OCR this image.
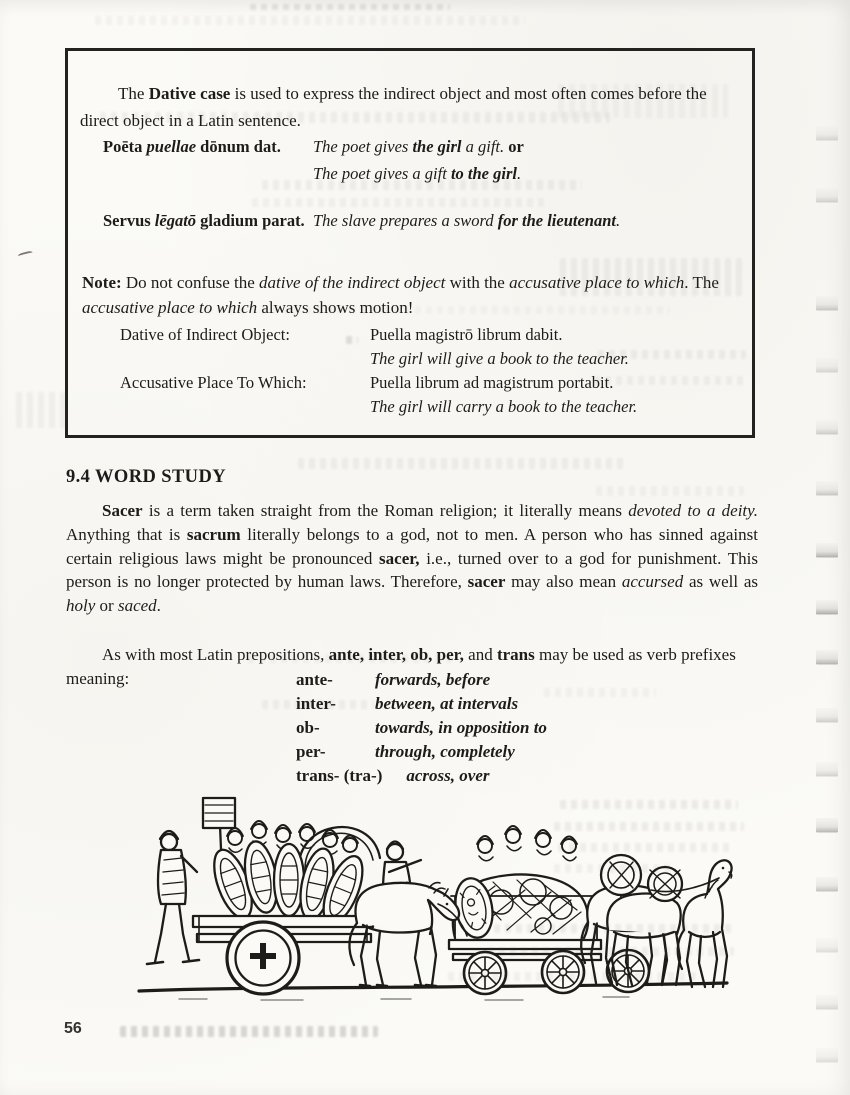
The Dative case is used to express the indirect object and most often comes before the direct object in a Latin sentence.

Poēta puellae dōnum dat.	The poet gives the girl a gift. or
The poet gives a gift to the girl.
Servus lēgatō gladium parat. The slave prepares a sword for the lieutenant.

Note: Do not confuse the dative of the indirect object with the accusative place to which. The accusative place to which always shows motion!

Dative of Indirect Object:	Puella magistrō librum dabit.
The girl will give a book to the teacher.
Accusative Place To Which:	Puella librum ad magistrum portabit.
The girl will carry a book to the teacher.
9.4 WORD STUDY

Sacer is a term taken straight from the Roman religion; it literally means devoted to a deity. Anything that is sacrum literally belongs to a god, not to men. A person who has sinned against certain religious laws might be pronounced sacer, i.e., turned over to a god for punishment. This person is no longer protected by human laws. Therefore, sacer may also mean accursed as well as holy or saced.

As with most Latin prepositions, ante, inter, ob, per, and trans may be used as verb prefixes meaning:	ante- forwards, before
inter- between, at intervals
ob-	towards, in opposition to
per-	through, completely
trans- (tra-) across, over
56
